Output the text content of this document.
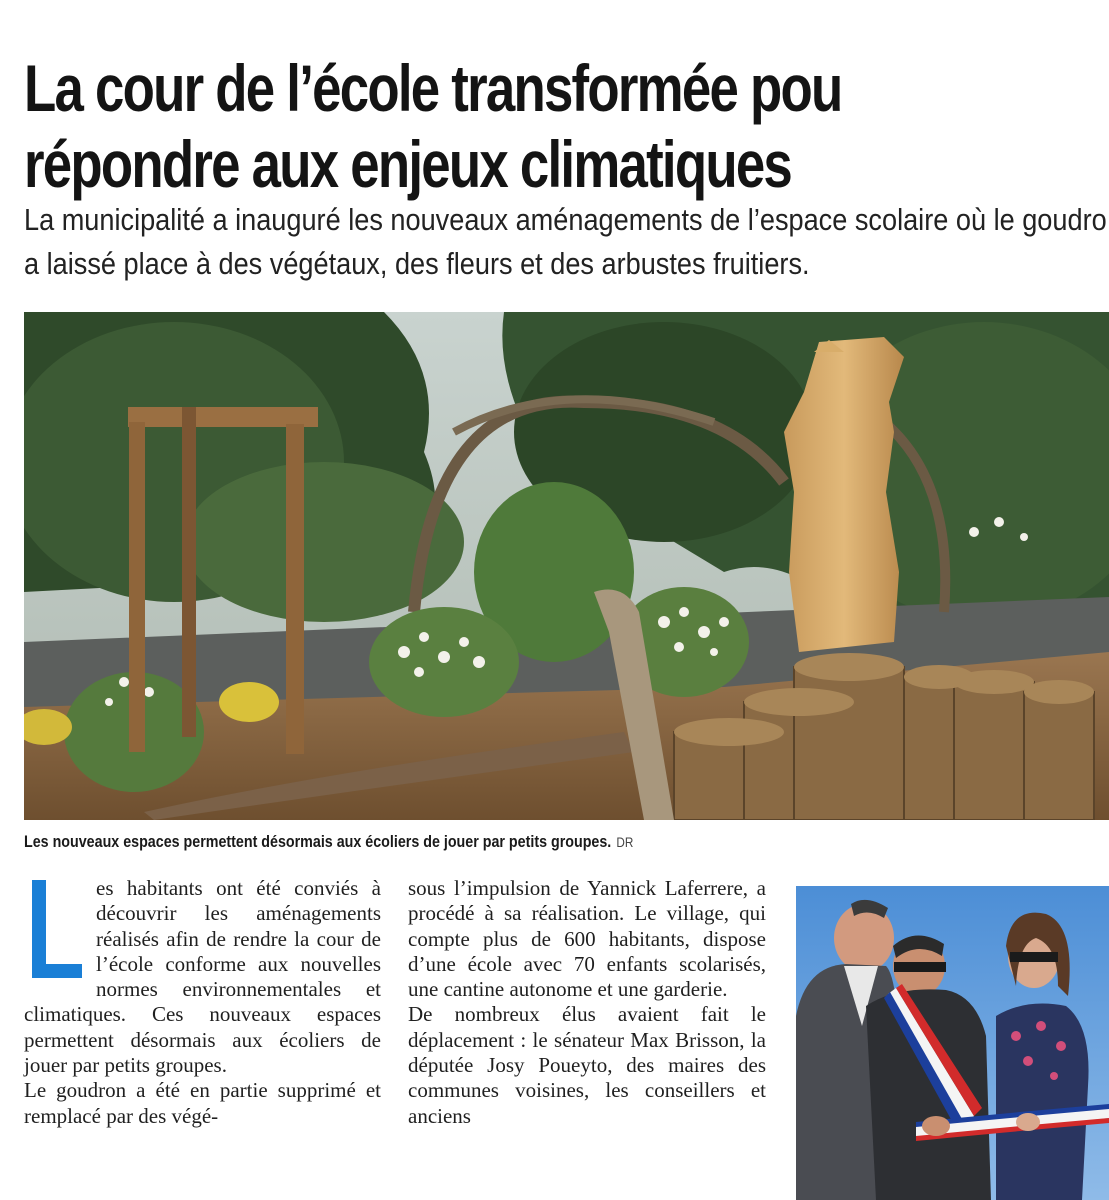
La cour de l’école transformée pou
répondre aux enjeux climatiques
La municipalité a inauguré les nouveaux aménagements de l’espace scolaire où le goudro
a laissé place à des végétaux, des fleurs et des arbustes fruitiers.
Les nouveaux espaces permettent désormais aux écoliers de jouer par petits groupes. DR

es habitants ont été conviés à découvrir les aménagements réalisés afin de rendre la cour de l’école conforme aux nouvelles normes environnementales et climatiques. Ces nouveaux espaces permettent désormais aux écoliers de jouer par petits groupes.

Le goudron a été en partie supprimé et remplacé par des végé-

sous l’impulsion de Yannick Laferrere, a procédé à sa réalisation. Le village, qui compte plus de 600 habitants, dispose d’une école avec 70 enfants scolarisés, une cantine autonome et une garderie.

De nombreux élus avaient fait le déplacement : le sénateur Max Brisson, la députée Josy Poueyto, des maires des communes voisines, les conseillers et anciens
